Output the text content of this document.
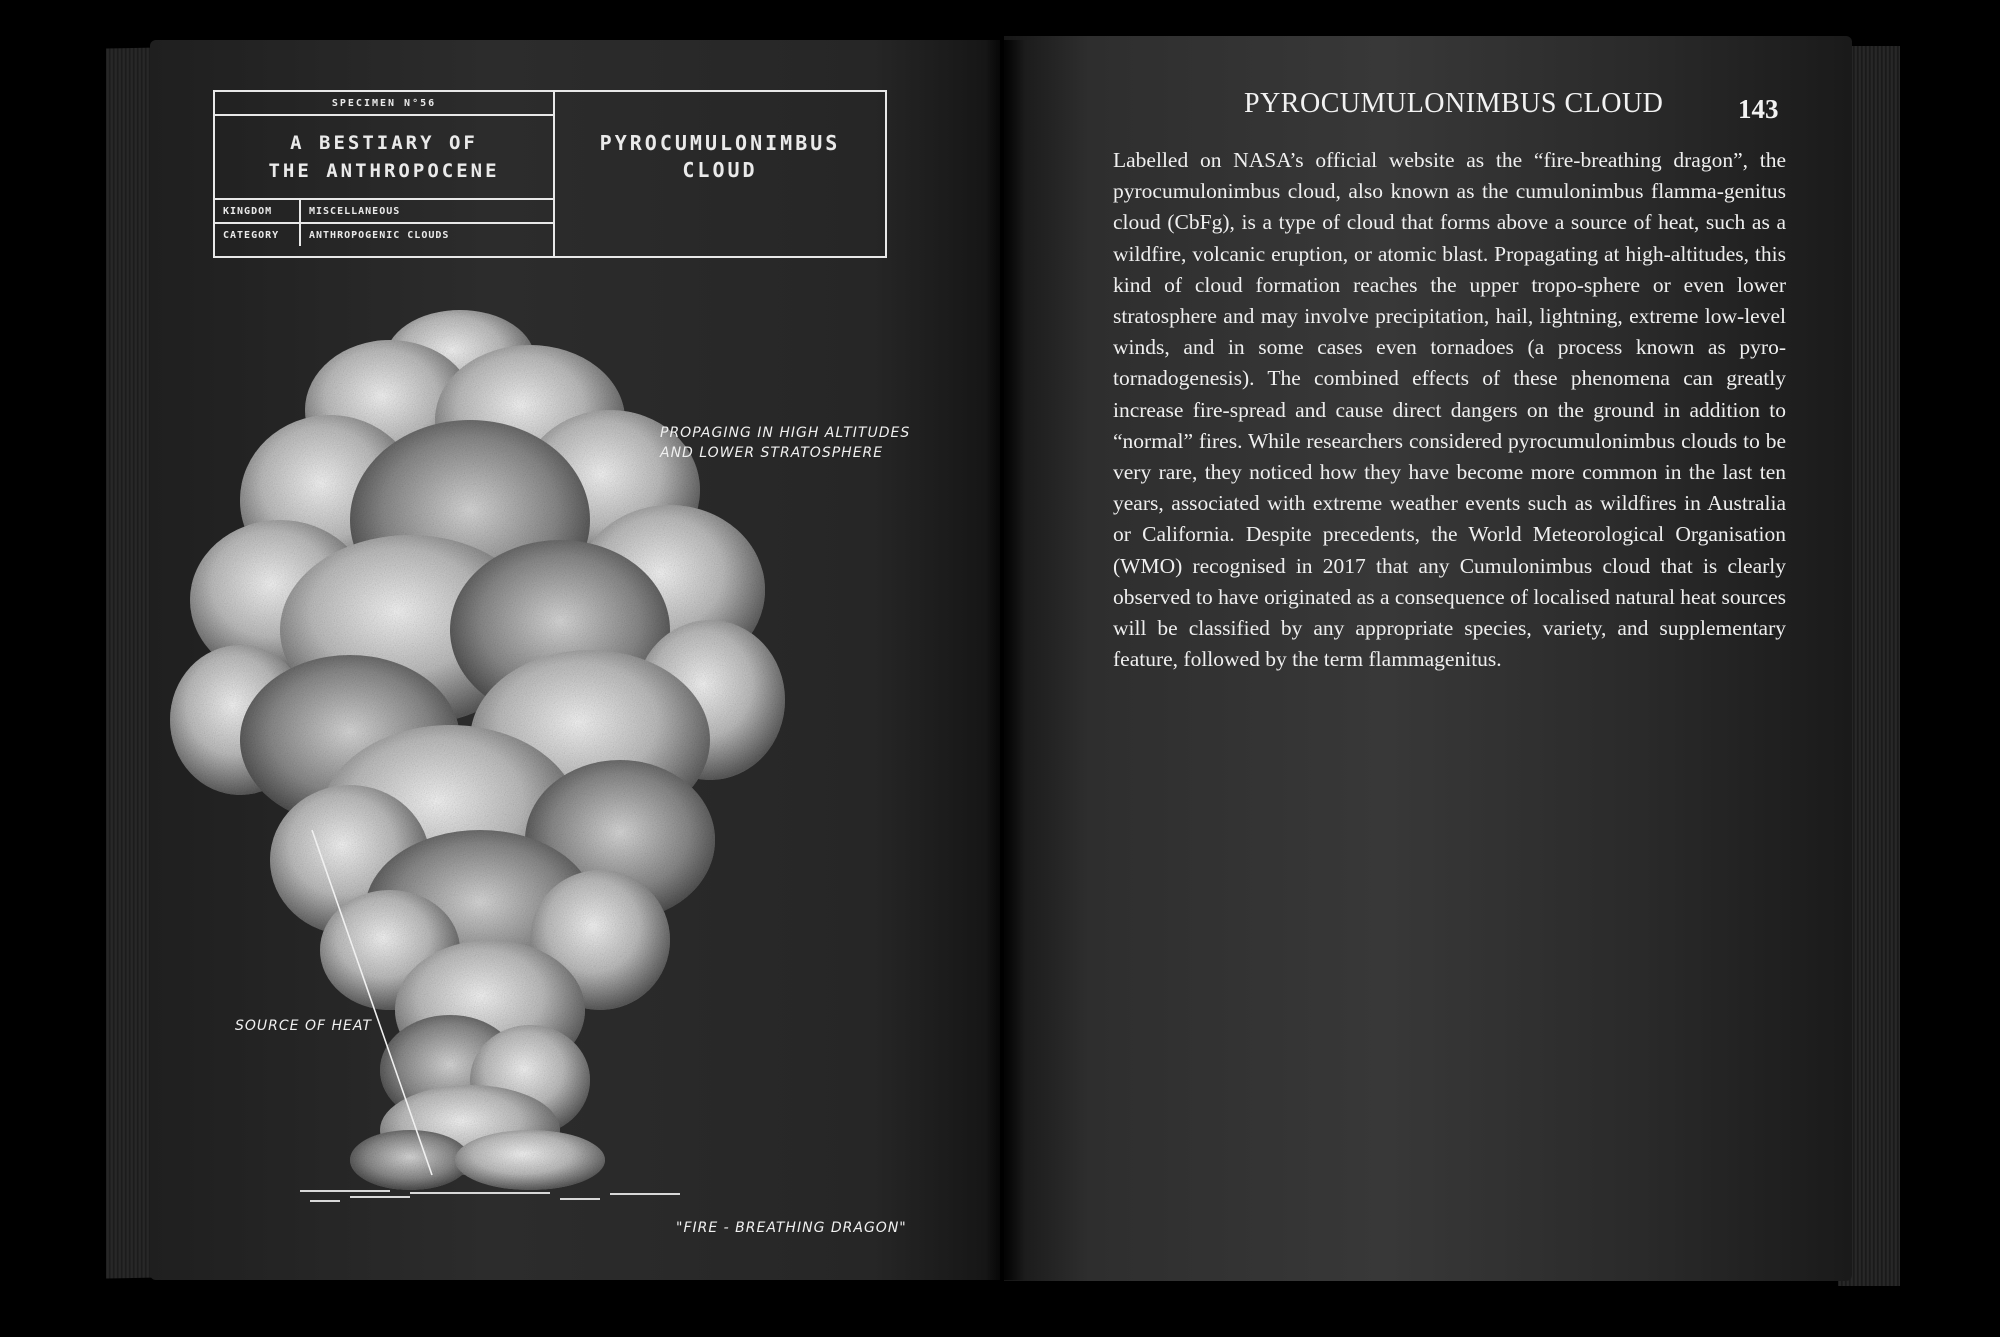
SPECIMEN N°56
A BESTIARY OF
THE ANTHROPOCENE
KINGDOM	MISCELLANEOUS
CATEGORY	ANTHROPOGENIC CLOUDS
PYROCUMULONIMBUS
CLOUD
PROPAGING IN HIGH ALTITUDES
AND LOWER STRATOSPHERE
SOURCE OF HEAT
"FIRE - BREATHING DRAGON"
PYROCUMULONIMBUS CLOUD	143
Labelled on NASA’s official website as the “fire-breathing dragon”, the pyrocumulonimbus cloud, also known as the cumulonimbus flamma-genitus cloud (CbFg), is a type of cloud that forms above a source of heat, such as a wildfire, volcanic eruption, or atomic blast. Propagating at high-altitudes, this kind of cloud formation reaches the upper tropo-sphere or even lower stratosphere and may involve precipitation, hail, lightning, extreme low-level winds, and in some cases even tornadoes (a process known as pyro-tornadogenesis). The combined effects of these phenomena can greatly increase fire-spread and cause direct dangers on the ground in addition to “normal” fires. While researchers considered pyrocumulonimbus clouds to be very rare, they noticed how they have become more common in the last ten years, associated with extreme weather events such as wildfires in Australia or California. Despite precedents, the World Meteorological Organisation (WMO) recognised in 2017 that any Cumulonimbus cloud that is clearly observed to have originated as a consequence of localised natural heat sources will be classified by any appropriate species, variety, and supplementary feature, followed by the term flammagenitus.
